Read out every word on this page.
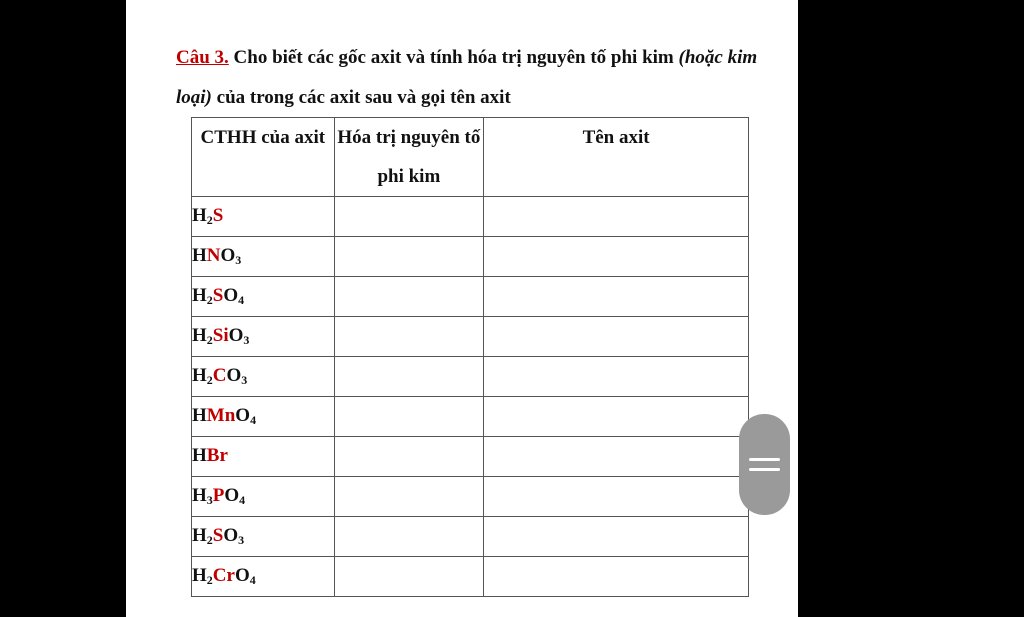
Câu 3. Cho biết các gốc axit và tính hóa trị nguyên tố phi kim (hoặc kim loại) của trong các axit sau và gọi tên axit
CTHH của axit	Hóa trị nguyên tố phi kim	Tên axit
$H_2S$		
$HNO_3$		
$H_2SO_4$		
$H_2SiO_3$		
$H_2CO_3$		
HMnO$_4$		
HBr		
$H_3PO_4$		
$H_2SO_3$		
$H_2CrO_4$		
